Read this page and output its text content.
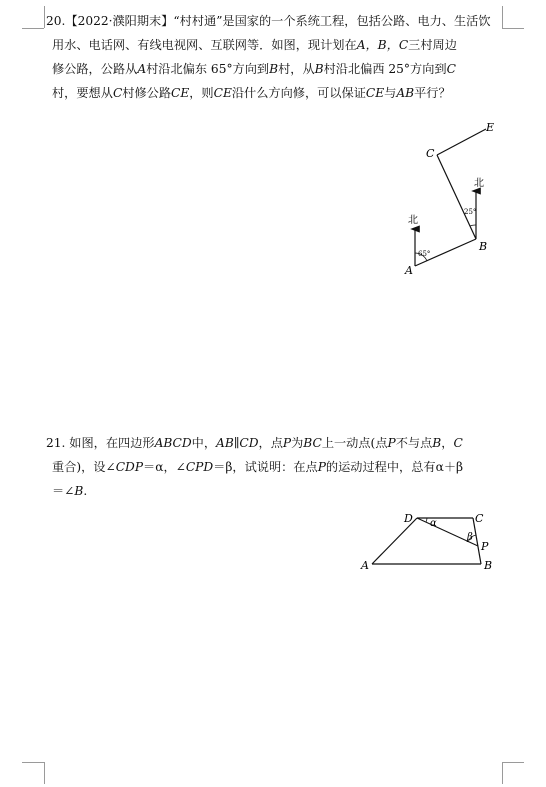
20.【2022·濮阳期末】“村村通”是国家的一个系统工程，包括公路、电力、生活饮

用水、电话网、有线电视网、互联网等．如图，现计划在A，B，C三村周边

修公路，公路从A村沿北偏东 65°方向到B村，从B村沿北偏西 25°方向到C

村，要想从C村修公路CE，则CE沿什么方向修，可以保证CE与AB平行？

A
B
C
E
北
北
65°
25°

21. 如图，在四边形ABCD中，AB∥CD，点P为BC上一动点(点P不与点B，C

重合)，设∠CDP＝α，∠CPD＝β，试说明：在点P的运动过程中，总有α＋β

＝∠B.

D	C
P
A	B
α
β
